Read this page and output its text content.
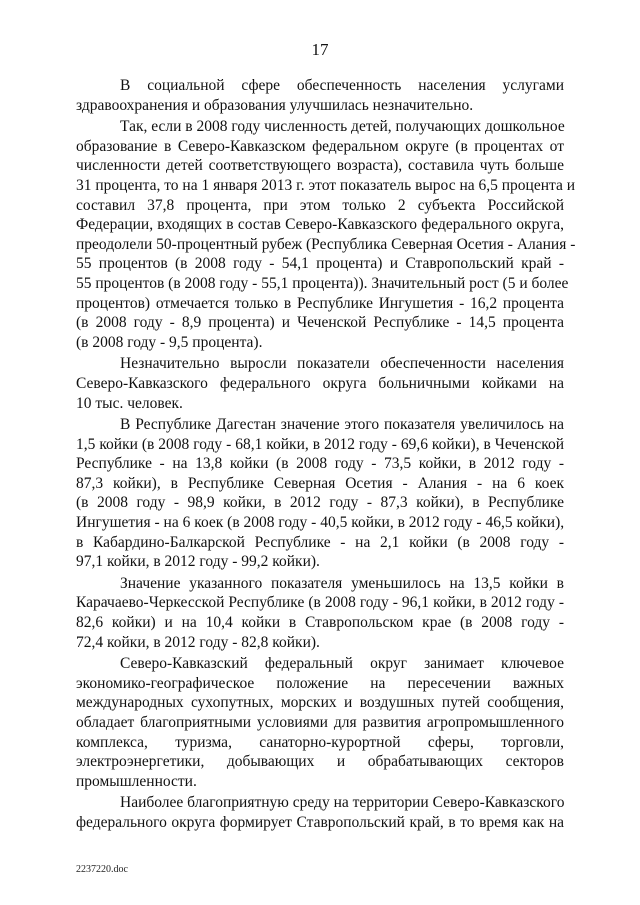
17

В социальной сфере обеспеченность населения услугами
здравоохранения и образования улучшилась незначительно.

Так, если в 2008 году численность детей, получающих дошкольное
образование в Северо-Кавказском федеральном округе (в процентах от
численности детей соответствующего возраста), составила чуть больше
31 процента, то на 1 января 2013 г. этот показатель вырос на 6,5 процента и
составил 37,8 процента, при этом только 2 субъекта Российской
Федерации, входящих в состав Северо-Кавказского федерального округа,
преодолели 50-процентный рубеж (Республика Северная Осетия - Алания -
55 процентов (в 2008 году - 54,1 процента) и Ставропольский край -
55 процентов (в 2008 году - 55,1 процента)). Значительный рост (5 и более
процентов) отмечается только в Республике Ингушетия - 16,2 процента
(в 2008 году - 8,9 процента) и Чеченской Республике - 14,5 процента
(в 2008 году - 9,5 процента).

Незначительно выросли показатели обеспеченности населения
Северо-Кавказского федерального округа больничными койками на
10 тыс. человек.

В Республике Дагестан значение этого показателя увеличилось на
1,5 койки (в 2008 году - 68,1 койки, в 2012 году - 69,6 койки), в Чеченской
Республике - на 13,8 койки (в 2008 году - 73,5 койки, в 2012 году -
87,3 койки), в Республике Северная Осетия - Алания - на 6 коек
(в 2008 году - 98,9 койки, в 2012 году - 87,3 койки), в Республике
Ингушетия - на 6 коек (в 2008 году - 40,5 койки, в 2012 году - 46,5 койки),
в Кабардино-Балкарской Республике - на 2,1 койки (в 2008 году -
97,1 койки, в 2012 году - 99,2 койки).

Значение указанного показателя уменьшилось на 13,5 койки в
Карачаево-Черкесской Республике (в 2008 году - 96,1 койки, в 2012 году -
82,6 койки) и на 10,4 койки в Ставропольском крае (в 2008 году -
72,4 койки, в 2012 году - 82,8 койки).

Северо-Кавказский федеральный округ занимает ключевое
экономико-географическое положение на пересечении важных
международных сухопутных, морских и воздушных путей сообщения,
обладает благоприятными условиями для развития агропромышленного
комплекса, туризма, санаторно-курортной сферы, торговли,
электроэнергетики, добывающих и обрабатывающих секторов
промышленности.

Наиболее благоприятную среду на территории Северо-Кавказского
федерального округа формирует Ставропольский край, в то время как на

2237220.doc
